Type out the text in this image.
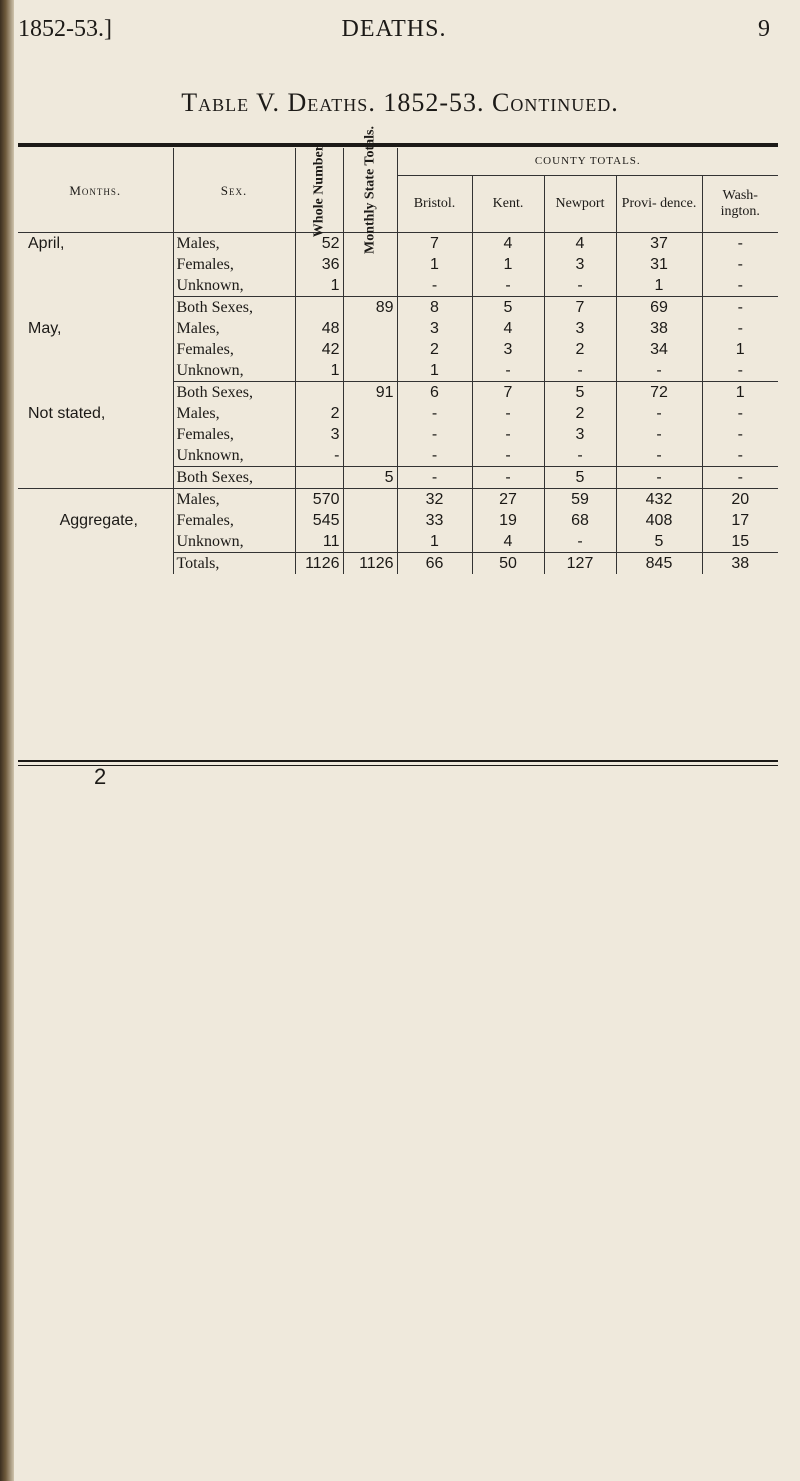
1852-53.]	DEATHS.	9
Table V. Deaths. 1852-53. Continued.
Months.	Sex.	Whole Number.	Monthly State Totals.	COUNTY TOTALS.				
				Bristol.	Kent.	Newport	Provi- dence.	Wash- ington.
April,	Males,	52		7	4	4	37	-
	Females,	36		1	1	3	31	-
	Unknown,	1		-	-	-	1	-
	Both Sexes,		89	8	5	7	69	-
May,	Males,	48		3	4	3	38	-
	Females,	42		2	3	2	34	1
	Unknown,	1		1	-	-	-	-
	Both Sexes,		91	6	7	5	72	1
Not stated,	Males,	2		-	-	2	-	-
	Females,	3		-	-	3	-	-
	Unknown,	-		-	-	-	-	-
	Both Sexes,		5	-	-	5	-	-
	Males,	570		32	27	59	432	20
Aggregate,	Females,	545		33	19	68	408	17
	Unknown,	11		1	4	-	5	15
	Totals,	1126	1126	66	50	127	845	38
2
